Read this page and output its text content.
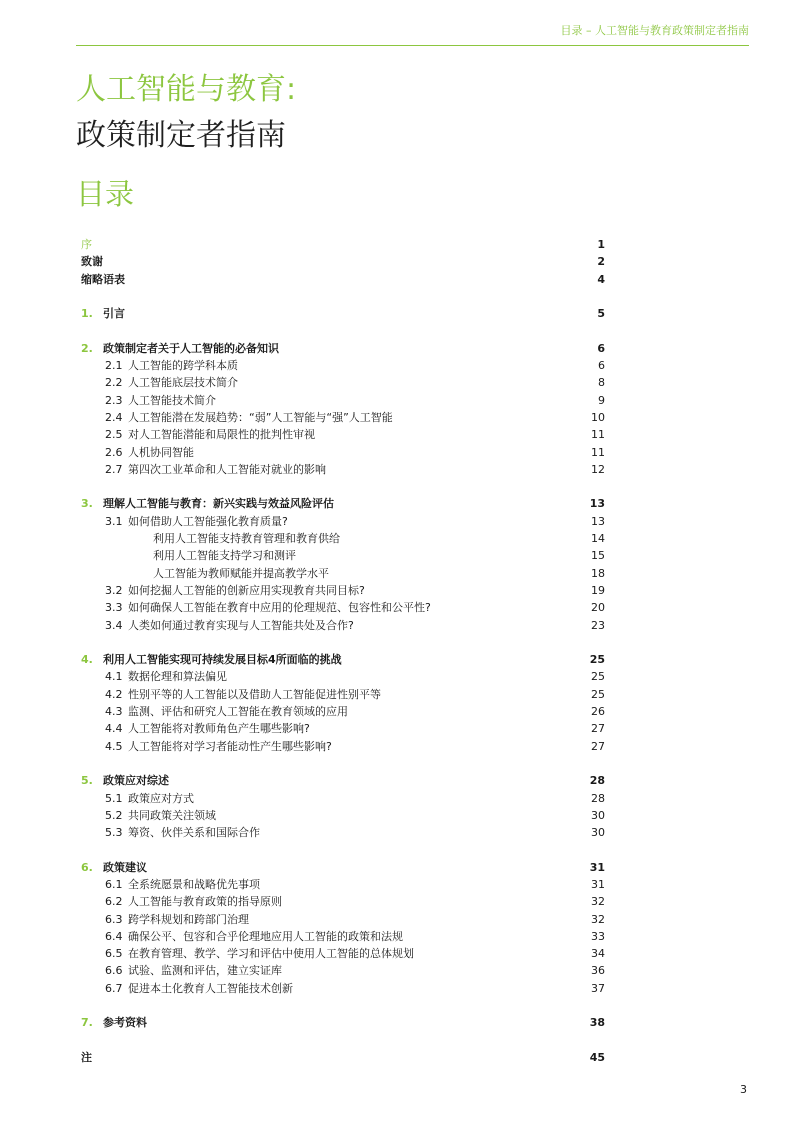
目录 – 人工智能与教育政策制定者指南
人工智能与教育:
政策制定者指南
目录
序	1
致谢	2
缩略语表	4
1. 引言	5
2. 政策制定者关于人工智能的必备知识	6
2.1 人工智能的跨学科本质	6
2.2 人工智能底层技术简介	8
2.3 人工智能技术简介	9
2.4 人工智能潜在发展趋势：“弱”人工智能与“强”人工智能	10
2.5 对人工智能潜能和局限性的批判性审视	11
2.6 人机协同智能	11
2.7 第四次工业革命和人工智能对就业的影响	12
3. 理解人工智能与教育：新兴实践与效益风险评估	13
3.1 如何借助人工智能强化教育质量?	13
利用人工智能支持教育管理和教育供给	14
利用人工智能支持学习和测评	15
人工智能为教师赋能并提高教学水平	18
3.2 如何挖掘人工智能的创新应用实现教育共同目标?	19
3.3 如何确保人工智能在教育中应用的伦理规范、包容性和公平性?	20
3.4 人类如何通过教育实现与人工智能共处及合作?	23
4. 利用人工智能实现可持续发展目标4所面临的挑战	25
4.1 数据伦理和算法偏见	25
4.2 性别平等的人工智能以及借助人工智能促进性别平等	25
4.3 监测、评估和研究人工智能在教育领域的应用	26
4.4 人工智能将对教师角色产生哪些影响?	27
4.5 人工智能将对学习者能动性产生哪些影响?	27
5. 政策应对综述	28
5.1 政策应对方式	28
5.2 共同政策关注领域	30
5.3 筹资、伙伴关系和国际合作	30
6. 政策建议	31
6.1 全系统愿景和战略优先事项	31
6.2 人工智能与教育政策的指导原则	32
6.3 跨学科规划和跨部门治理	32
6.4 确保公平、包容和合乎伦理地应用人工智能的政策和法规	33
6.5 在教育管理、教学、学习和评估中使用人工智能的总体规划	34
6.6 试验、监测和评估，建立实证库	36
6.7 促进本土化教育人工智能技术创新	37
7. 参考资料	38
注	45
3
